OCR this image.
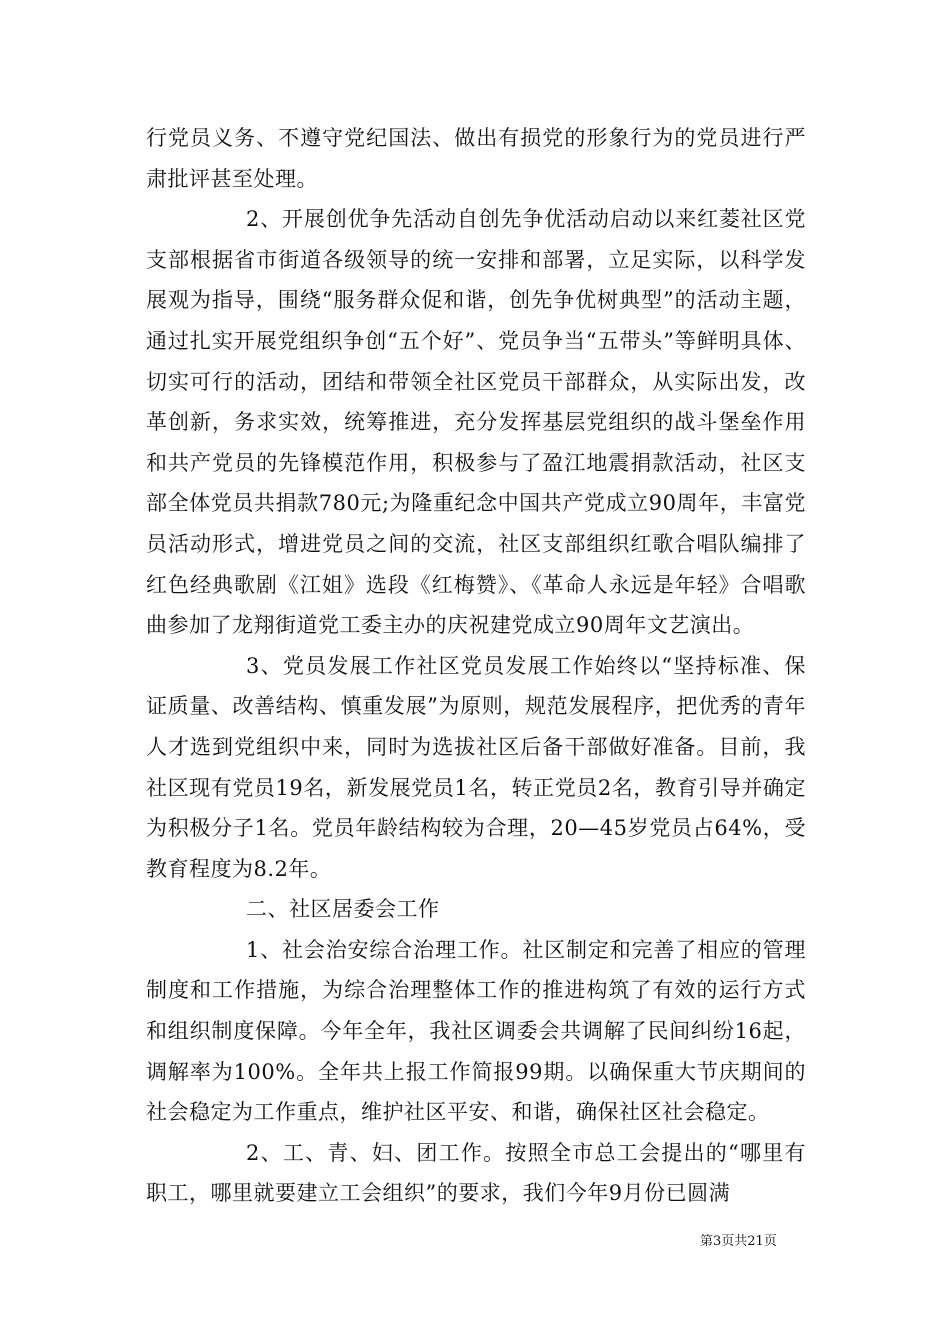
行党员义务、不遵守党纪国法、做出有损党的形象行为的党员进行严肃批评甚至处理。

2、开展创优争先活动自创先争优活动启动以来红菱社区党支部根据省市街道各级领导的统一安排和部署，立足实际，以科学发展观为指导，围绕“服务群众促和谐，创先争优树典型”的活动主题，通过扎实开展党组织争创“五个好”、党员争当“五带头”等鲜明具体、切实可行的活动，团结和带领全社区党员干部群众，从实际出发，改革创新，务求实效，统筹推进，充分发挥基层党组织的战斗堡垒作用和共产党员的先锋模范作用，积极参与了盈江地震捐款活动，社区支部全体党员共捐款780元;为隆重纪念中国共产党成立90周年，丰富党员活动形式，增进党员之间的交流，社区支部组织红歌合唱队编排了红色经典歌剧《江姐》选段《红梅赞》、《革命人永远是年轻》合唱歌曲参加了龙翔街道党工委主办的庆祝建党成立90周年文艺演出。

3、党员发展工作社区党员发展工作始终以“坚持标准、保证质量、改善结构、慎重发展”为原则，规范发展程序，把优秀的青年人才选到党组织中来，同时为选拔社区后备干部做好准备。目前，我社区现有党员19名，新发展党员1名，转正党员2名，教育引导并确定为积极分子1名。党员年龄结构较为合理，20—45岁党员占64%，受教育程度为8.2年。

二、社区居委会工作

1、社会治安综合治理工作。社区制定和完善了相应的管理制度和工作措施，为综合治理整体工作的推进构筑了有效的运行方式和组织制度保障。今年全年，我社区调委会共调解了民间纠纷16起，调解率为100%。全年共上报工作简报99期。以确保重大节庆期间的社会稳定为工作重点，维护社区平安、和谐，确保社区社会稳定。

2、工、青、妇、团工作。按照全市总工会提出的“哪里有职工，哪里就要建立工会组织”的要求，我们今年9月份已圆满

第3页共21页
